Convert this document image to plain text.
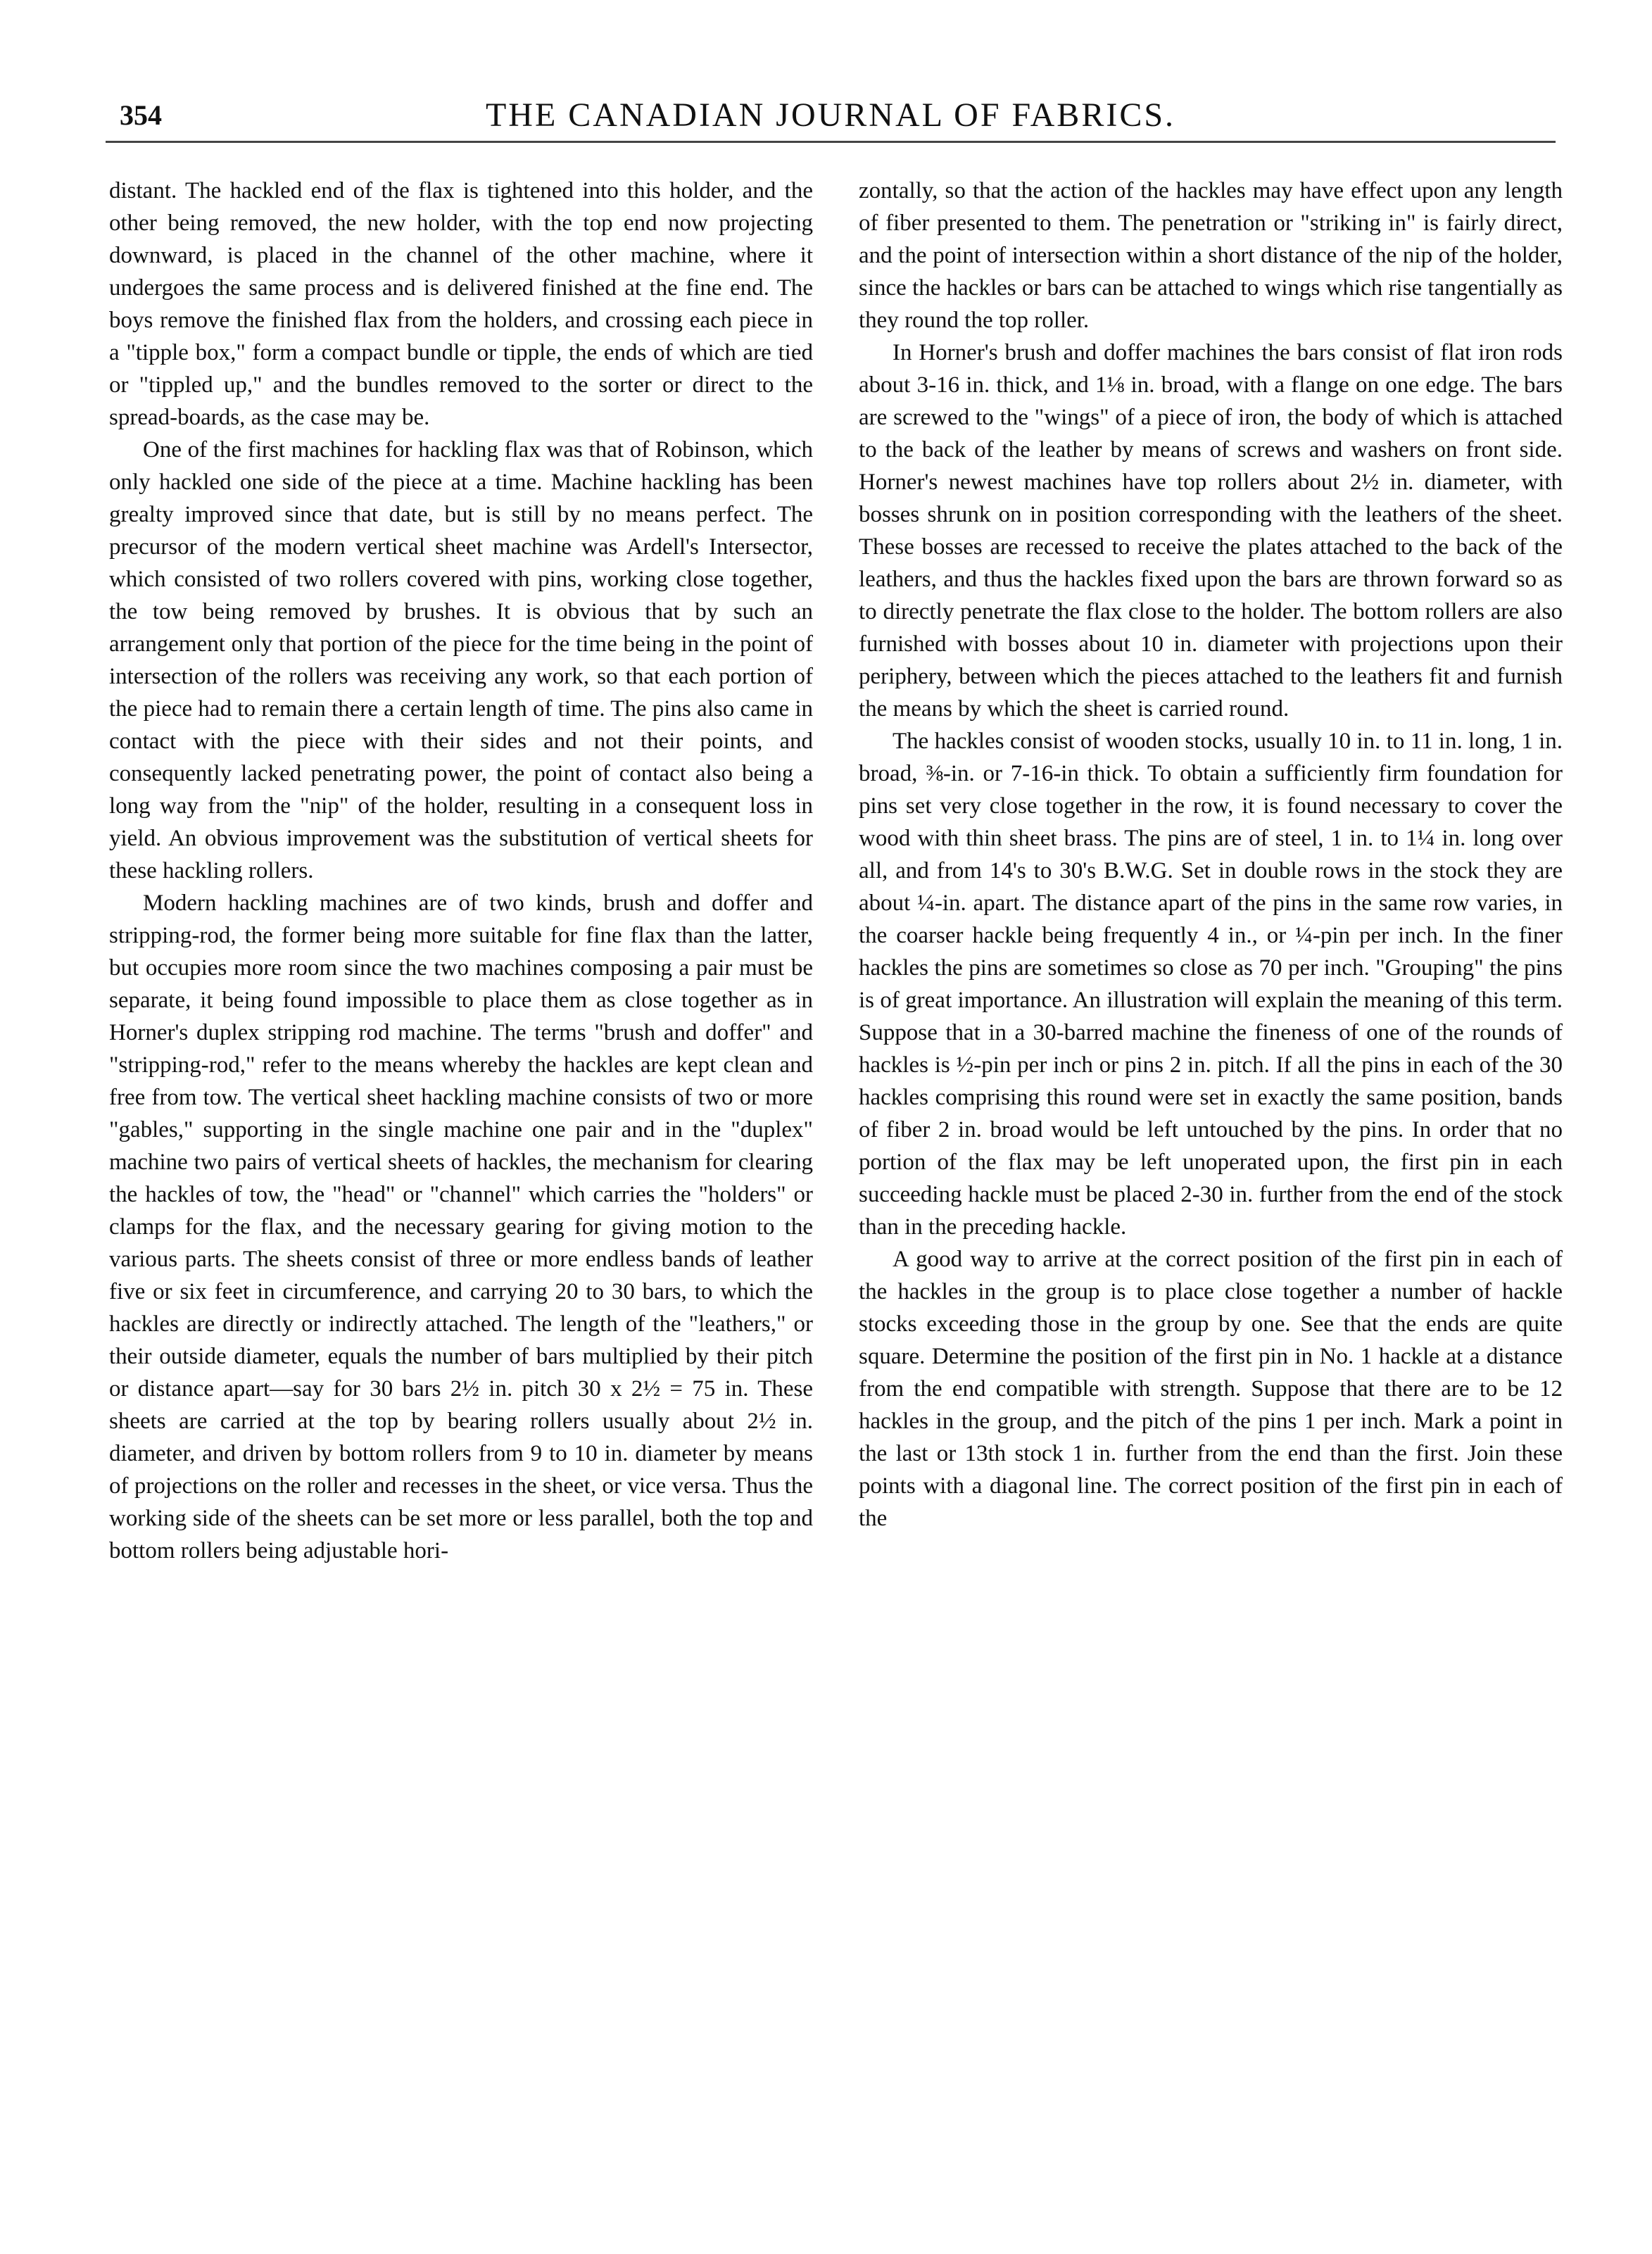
354	THE CANADIAN JOURNAL OF FABRICS.

distant. The hackled end of the flax is tightened into this holder, and the other being removed, the new holder, with the top end now projecting downward, is placed in the channel of the other machine, where it undergoes the same process and is delivered finished at the fine end. The boys remove the finished flax from the holders, and crossing each piece in a "tipple box," form a compact bundle or tipple, the ends of which are tied or "tippled up," and the bundles removed to the sorter or direct to the spread-boards, as the case may be.

One of the first machines for hackling flax was that of Robinson, which only hackled one side of the piece at a time. Machine hackling has been grealty improved since that date, but is still by no means perfect. The precursor of the modern vertical sheet machine was Ardell's Intersector, which consisted of two rollers covered with pins, working close together, the tow being removed by brushes. It is obvious that by such an arrangement only that portion of the piece for the time being in the point of intersection of the rollers was receiving any work, so that each portion of the piece had to remain there a certain length of time. The pins also came in contact with the piece with their sides and not their points, and consequently lacked penetrating power, the point of contact also being a long way from the "nip" of the holder, resulting in a consequent loss in yield. An obvious improvement was the substitution of vertical sheets for these hackling rollers.

Modern hackling machines are of two kinds, brush and doffer and stripping-rod, the former being more suitable for fine flax than the latter, but occupies more room since the two machines composing a pair must be separate, it being found impossible to place them as close together as in Horner's duplex stripping rod machine. The terms "brush and doffer" and "stripping-rod," refer to the means whereby the hackles are kept clean and free from tow. The vertical sheet hackling machine consists of two or more "gables," supporting in the single machine one pair and in the "duplex" machine two pairs of vertical sheets of hackles, the mechanism for clearing the hackles of tow, the "head" or "channel" which carries the "holders" or clamps for the flax, and the necessary gearing for giving motion to the various parts. The sheets consist of three or more endless bands of leather five or six feet in circumference, and carrying 20 to 30 bars, to which the hackles are directly or indirectly attached. The length of the "leathers," or their outside diameter, equals the number of bars multiplied by their pitch or distance apart—say for 30 bars 2½ in. pitch 30 x 2½ = 75 in. These sheets are carried at the top by bearing rollers usually about 2½ in. diameter, and driven by bottom rollers from 9 to 10 in. diameter by means of projections on the roller and recesses in the sheet, or vice versa. Thus the working side of the sheets can be set more or less parallel, both the top and bottom rollers being adjustable hori-

zontally, so that the action of the hackles may have effect upon any length of fiber presented to them. The penetration or "striking in" is fairly direct, and the point of intersection within a short distance of the nip of the holder, since the hackles or bars can be attached to wings which rise tangentially as they round the top roller.

In Horner's brush and doffer machines the bars consist of flat iron rods about 3-16 in. thick, and 1⅛ in. broad, with a flange on one edge. The bars are screwed to the "wings" of a piece of iron, the body of which is attached to the back of the leather by means of screws and washers on front side. Horner's newest machines have top rollers about 2½ in. diameter, with bosses shrunk on in position corresponding with the leathers of the sheet. These bosses are recessed to receive the plates attached to the back of the leathers, and thus the hackles fixed upon the bars are thrown forward so as to directly penetrate the flax close to the holder. The bottom rollers are also furnished with bosses about 10 in. diameter with projections upon their periphery, between which the pieces attached to the leathers fit and furnish the means by which the sheet is carried round.

The hackles consist of wooden stocks, usually 10 in. to 11 in. long, 1 in. broad, ⅜-in. or 7-16-in thick. To obtain a sufficiently firm foundation for pins set very close together in the row, it is found necessary to cover the wood with thin sheet brass. The pins are of steel, 1 in. to 1¼ in. long over all, and from 14's to 30's B.W.G. Set in double rows in the stock they are about ¼-in. apart. The distance apart of the pins in the same row varies, in the coarser hackle being frequently 4 in., or ¼-pin per inch. In the finer hackles the pins are sometimes so close as 70 per inch. "Grouping" the pins is of great importance. An illustration will explain the meaning of this term. Suppose that in a 30-barred machine the fineness of one of the rounds of hackles is ½-pin per inch or pins 2 in. pitch. If all the pins in each of the 30 hackles comprising this round were set in exactly the same position, bands of fiber 2 in. broad would be left untouched by the pins. In order that no portion of the flax may be left unoperated upon, the first pin in each succeeding hackle must be placed 2-30 in. further from the end of the stock than in the preceding hackle.

A good way to arrive at the correct position of the first pin in each of the hackles in the group is to place close together a number of hackle stocks exceeding those in the group by one. See that the ends are quite square. Determine the position of the first pin in No. 1 hackle at a distance from the end compatible with strength. Suppose that there are to be 12 hackles in the group, and the pitch of the pins 1 per inch. Mark a point in the last or 13th stock 1 in. further from the end than the first. Join these points with a diagonal line. The correct position of the first pin in each of the
